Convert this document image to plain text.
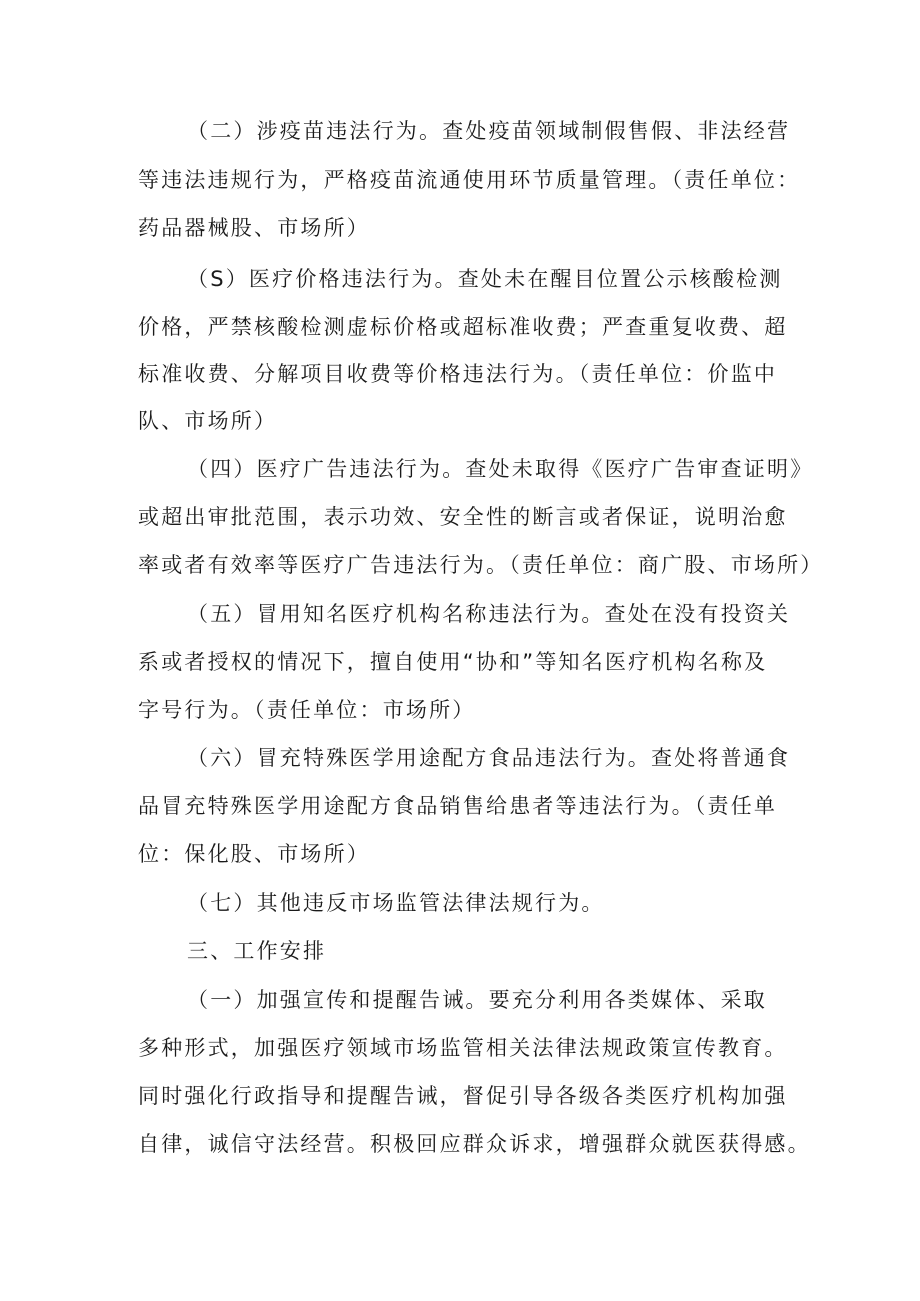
（二）涉疫苗违法行为。查处疫苗领域制假售假、非法经营
等违法违规行为，严格疫苗流通使用环节质量管理。（责任单位：
药品器械股、市场所）
（S）医疗价格违法行为。查处未在醒目位置公示核酸检测
价格，严禁核酸检测虚标价格或超标准收费；严查重复收费、超
标准收费、分解项目收费等价格违法行为。（责任单位：价监中
队、市场所）
（四）医疗广告违法行为。查处未取得《医疗广告审查证明》
或超出审批范围，表示功效、安全性的断言或者保证，说明治愈
率或者有效率等医疗广告违法行为。（责任单位：商广股、市场所）
（五）冒用知名医疗机构名称违法行为。查处在没有投资关
系或者授权的情况下，擅自使用“协和”等知名医疗机构名称及
字号行为。（责任单位：市场所）
（六）冒充特殊医学用途配方食品违法行为。查处将普通食
品冒充特殊医学用途配方食品销售给患者等违法行为。（责任单
位：保化股、市场所）
（七）其他违反市场监管法律法规行为。
三、工作安排
（一）加强宣传和提醒告诫。要充分利用各类媒体、采取
多种形式，加强医疗领域市场监管相关法律法规政策宣传教育。
同时强化行政指导和提醒告诫，督促引导各级各类医疗机构加强
自律，诚信守法经营。积极回应群众诉求，增强群众就医获得感。
